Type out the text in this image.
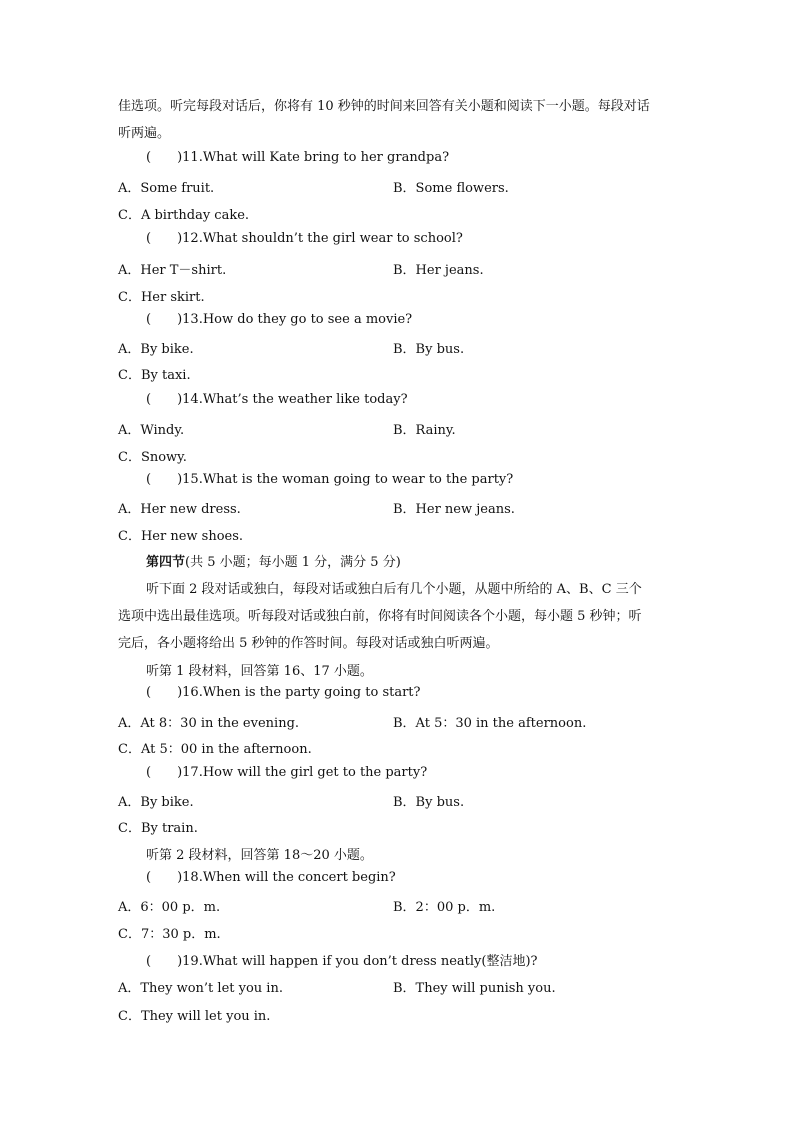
佳选项。听完每段对话后，你将有 10 秒钟的时间来回答有关小题和阅读下一小题。每段对话
听两遍。
( )11.What will Kate bring to her grandpa?
A．Some fruit.	B．Some flowers.
C．A birthday cake.
( )12.What shouldn’t the girl wear to school?
A．Her T－shirt.	B．Her jeans.
C．Her skirt.
( )13.How do they go to see a movie?
A．By bike.	B．By bus.
C．By taxi.
( )14.What’s the weather like today?
A．Windy.	B．Rainy.
C．Snowy.
( )15.What is the woman going to wear to the party?
A．Her new dress.	B．Her new jeans.
C．Her new shoes.
第四节(共 5 小题；每小题 1 分，满分 5 分)
听下面 2 段对话或独白，每段对话或独白后有几个小题，从题中所给的 A、B、C 三个
选项中选出最佳选项。听每段对话或独白前，你将有时间阅读各个小题，每小题 5 秒钟；听
完后，各小题将给出 5 秒钟的作答时间。每段对话或独白听两遍。
听第 1 段材料，回答第 16、17 小题。
( )16.When is the party going to start?
A．At 8：30 in the evening.	B．At 5：30 in the afternoon.
C．At 5：00 in the afternoon.
( )17.How will the girl get to the party?
A．By bike.	B．By bus.
C．By train.
听第 2 段材料，回答第 18～20 小题。
( )18.When will the concert begin?
A．6：00 p．m.	B．2：00 p．m.
C．7：30 p．m.
( )19.What will happen if you don’t dress neatly(整洁地)?
A．They won’t let you in.	B．They will punish you.
C．They will let you in.
